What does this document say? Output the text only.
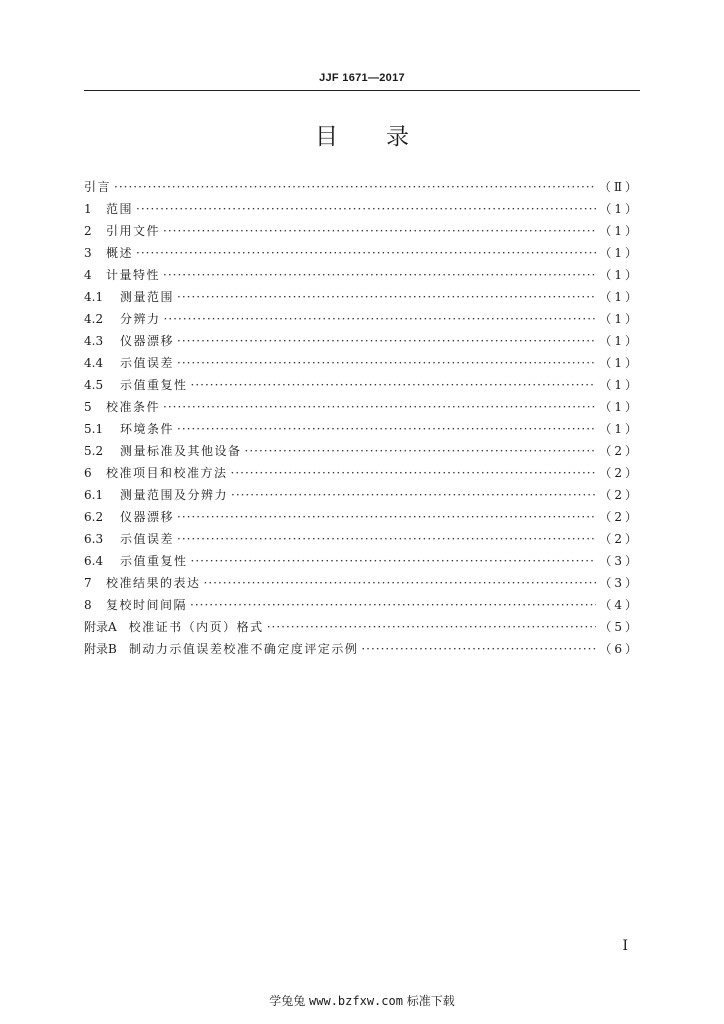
JJF 1671—2017
目录
引言 ·····	（Ⅱ）
1	范围 ·····	（1）
2	引用文件 ·····	（1）
3	概述 ·····	（1）
4	计量特性 ·····	（1）
4.1	测量范围 ·····	（1）
4.2	分辨力 ·····	（1）
4.3	仪器漂移 ·····	（1）
4.4	示值误差 ·····	（1）
4.5	示值重复性 ·····	（1）
5	校准条件 ·····	（1）
5.1	环境条件 ·····	（1）
5.2	测量标准及其他设备 ·····	（2）
6	校准项目和校准方法 ·····	（2）
6.1	测量范围及分辨力 ·····	（2）
6.2	仪器漂移 ·····	（2）
6.3	示值误差 ·····	（2）
6.4	示值重复性 ·····	（3）
7	校准结果的表达 ·····	（3）
8	复校时间间隔 ·····	（4）
附录A 校准证书（内页）格式 ·····	（5）
附录B 制动力示值误差校准不确定度评定示例 ·····	（6）
I
学兔兔 www.bzfxw.com 标准下载
